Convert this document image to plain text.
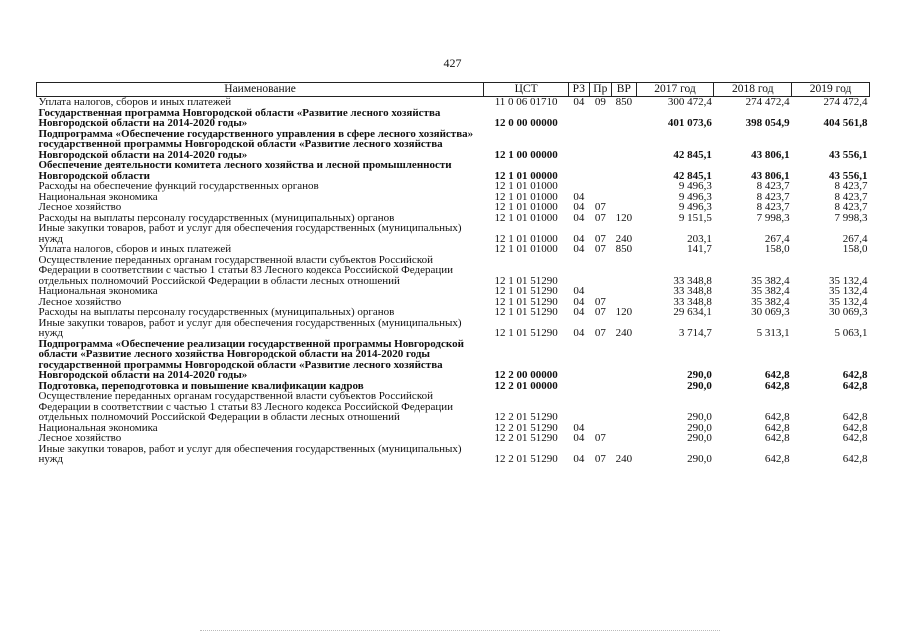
427
Наименование	ЦСТ	РЗ	Пр	ВР	2017 год	2018 год	2019 год
Уплата налогов, сборов и иных платежей	11 0 06 01710	04	09	850	300 472,4	274 472,4	274 472,4
Государственная программа Новгородской области «Развитие лесного хозяйства Новгородской области на 2014-2020 годы»	12 0 00 00000				401 073,6	398 054,9	404 561,8
Подпрограмма «Обеспечение государственного управления в сфере лесного хозяйства» государственной программы Новгородской области «Развитие лесного хозяйства Новгородской области на 2014-2020 годы»	12 1 00 00000				42 845,1	43 806,1	43 556,1
Обеспечение деятельности комитета лесного хозяйства и лесной промышленности Новгородской области	12 1 01 00000				42 845,1	43 806,1	43 556,1
Расходы на обеспечение функций государственных органов	12 1 01 01000				9 496,3	8 423,7	8 423,7
Национальная экономика	12 1 01 01000	04			9 496,3	8 423,7	8 423,7
Лесное хозяйство	12 1 01 01000	04	07		9 496,3	8 423,7	8 423,7
Расходы на выплаты персоналу государственных (муниципальных) органов	12 1 01 01000	04	07	120	9 151,5	7 998,3	7 998,3
Иные закупки товаров, работ и услуг для обеспечения государственных (муниципальных) нужд	12 1 01 01000	04	07	240	203,1	267,4	267,4
Уплата налогов, сборов и иных платежей	12 1 01 01000	04	07	850	141,7	158,0	158,0
Осуществление переданных органам государственной власти субъектов Российской Федерации в соответствии с частью 1 статьи 83 Лесного кодекса Российской Федерации отдельных полномочий Российской Федерации в области лесных отношений	12 1 01 51290				33 348,8	35 382,4	35 132,4
Национальная экономика	12 1 01 51290	04			33 348,8	35 382,4	35 132,4
Лесное хозяйство	12 1 01 51290	04	07		33 348,8	35 382,4	35 132,4
Расходы на выплаты персоналу государственных (муниципальных) органов	12 1 01 51290	04	07	120	29 634,1	30 069,3	30 069,3
Иные закупки товаров, работ и услуг для обеспечения государственных (муниципальных) нужд	12 1 01 51290	04	07	240	3 714,7	5 313,1	5 063,1
Подпрограмма «Обеспечение реализации государственной программы Новгородской области «Развитие лесного хозяйства Новгородской области на 2014-2020 годы государственной программы Новгородской области «Развитие лесного хозяйства Новгородской области на 2014-2020 годы»	12 2 00 00000				290,0	642,8	642,8
Подготовка, переподготовка и повышение квалификации кадров	12 2 01 00000				290,0	642,8	642,8
Осуществление переданных органам государственной власти субъектов Российской Федерации в соответствии с частью 1 статьи 83 Лесного кодекса Российской Федерации отдельных полномочий Российской Федерации в области лесных отношений	12 2 01 51290				290,0	642,8	642,8
Национальная экономика	12 2 01 51290	04			290,0	642,8	642,8
Лесное хозяйство	12 2 01 51290	04	07		290,0	642,8	642,8
Иные закупки товаров, работ и услуг для обеспечения государственных (муниципальных) нужд	12 2 01 51290	04	07	240	290,0	642,8	642,8
